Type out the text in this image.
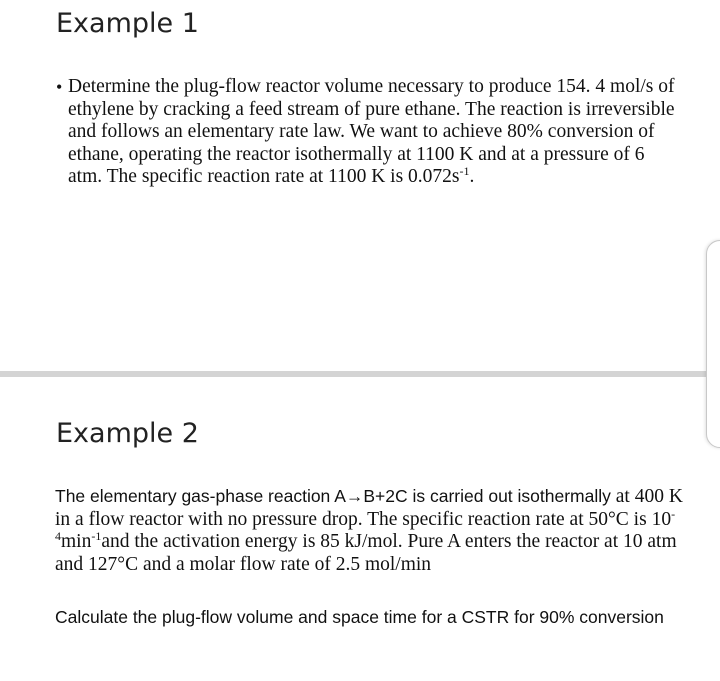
Example 1
• Determine the plug-flow reactor volume necessary to produce 154. 4 mol/s of ethylene by cracking a feed stream of pure ethane. The reaction is irreversible and follows an elementary rate law. We want to achieve 80% conversion of ethane, operating the reactor isothermally at 1100 K and at a pressure of 6 atm. The specific reaction rate at 1100 K is $0.072s^{-1}$.
Example 2

The elementary gas-phase reaction A→B+2C is carried out isothermally at 400 K in a flow reactor with no pressure drop. The specific reaction rate at 50°C is $10^{-4}\min^{-1}and$ the activation energy is 85 kJ/mol. Pure A enters the reactor at 10 atm and 127°C and a molar flow rate of 2.5 mol/min

Calculate the plug-flow volume and space time for a CSTR for 90% conversion
